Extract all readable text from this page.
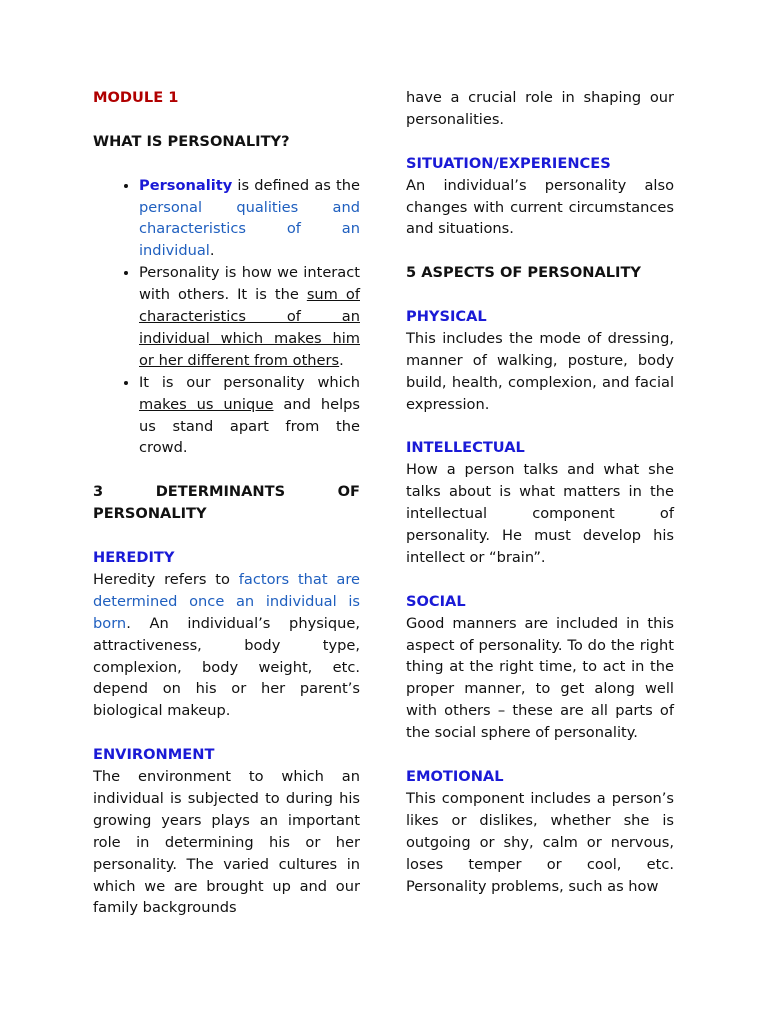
MODULE 1

WHAT IS PERSONALITY?

• Personality is defined as the personal qualities and characteristics of an individual.
• Personality is how we interact with others. It is the sum of characteristics of an individual which makes him or her different from others.
• It is our personality which makes us unique and helps us stand apart from the crowd.

3 DETERMINANTS OF PERSONALITY

HEREDITY

Heredity refers to factors that are determined once an individual is born. An individual’s physique, attractiveness, body type, complexion, body weight, etc. depend on his or her parent’s biological makeup.

ENVIRONMENT

The environment to which an individual is subjected to during his growing years plays an important role in determining his or her personality. The varied cultures in which we are brought up and our family backgrounds

have a crucial role in shaping our personalities.

SITUATION/EXPERIENCES

An individual’s personality also changes with current circumstances and situations.

5 ASPECTS OF PERSONALITY

PHYSICAL

This includes the mode of dressing, manner of walking, posture, body build, health, complexion, and facial expression.

INTELLECTUAL

How a person talks and what she talks about is what matters in the intellectual component of personality. He must develop his intellect or “brain”.

SOCIAL

Good manners are included in this aspect of personality. To do the right thing at the right time, to act in the proper manner, to get along well with others – these are all parts of the social sphere of personality.

EMOTIONAL

This component includes a person’s likes or dislikes, whether she is outgoing or shy, calm or nervous, loses temper or cool, etc. Personality problems, such as how
